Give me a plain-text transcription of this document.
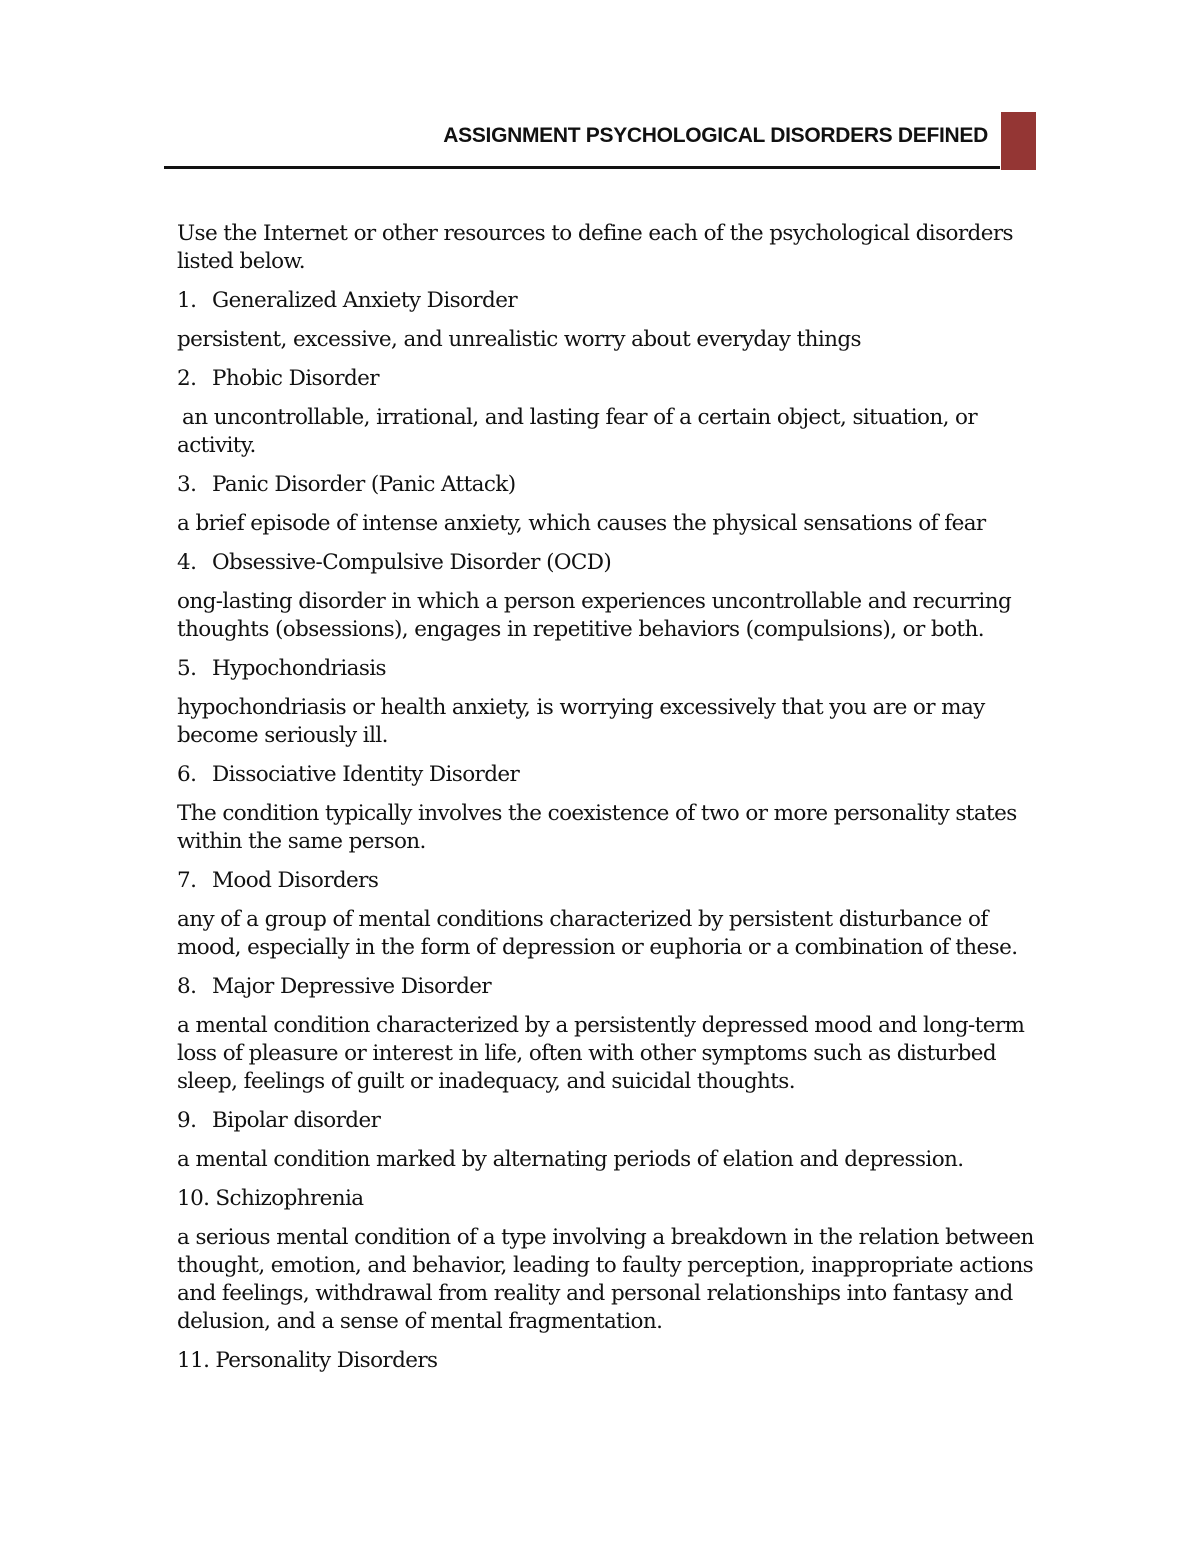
ASSIGNMENT PSYCHOLOGICAL DISORDERS DEFINED

Use the Internet or other resources to define each of the psychological disorders listed below.

1. Generalized Anxiety Disorder

persistent, excessive, and unrealistic worry about everyday things

2. Phobic Disorder

an uncontrollable, irrational, and lasting fear of a certain object, situation, or activity.

3. Panic Disorder (Panic Attack)

a brief episode of intense anxiety, which causes the physical sensations of fear

4. Obsessive-Compulsive Disorder (OCD)

ong-lasting disorder in which a person experiences uncontrollable and recurring thoughts (obsessions), engages in repetitive behaviors (compulsions), or both.

5. Hypochondriasis

hypochondriasis or health anxiety, is worrying excessively that you are or may become seriously ill.

6. Dissociative Identity Disorder

The condition typically involves the coexistence of two or more personality states within the same person.

7. Mood Disorders

any of a group of mental conditions characterized by persistent disturbance of mood, especially in the form of depression or euphoria or a combination of these.

8. Major Depressive Disorder

a mental condition characterized by a persistently depressed mood and long-term loss of pleasure or interest in life, often with other symptoms such as disturbed sleep, feelings of guilt or inadequacy, and suicidal thoughts.

9. Bipolar disorder

a mental condition marked by alternating periods of elation and depression.

10. Schizophrenia

a serious mental condition of a type involving a breakdown in the relation between thought, emotion, and behavior, leading to faulty perception, inappropriate actions and feelings, withdrawal from reality and personal relationships into fantasy and delusion, and a sense of mental fragmentation.

11. Personality Disorders
